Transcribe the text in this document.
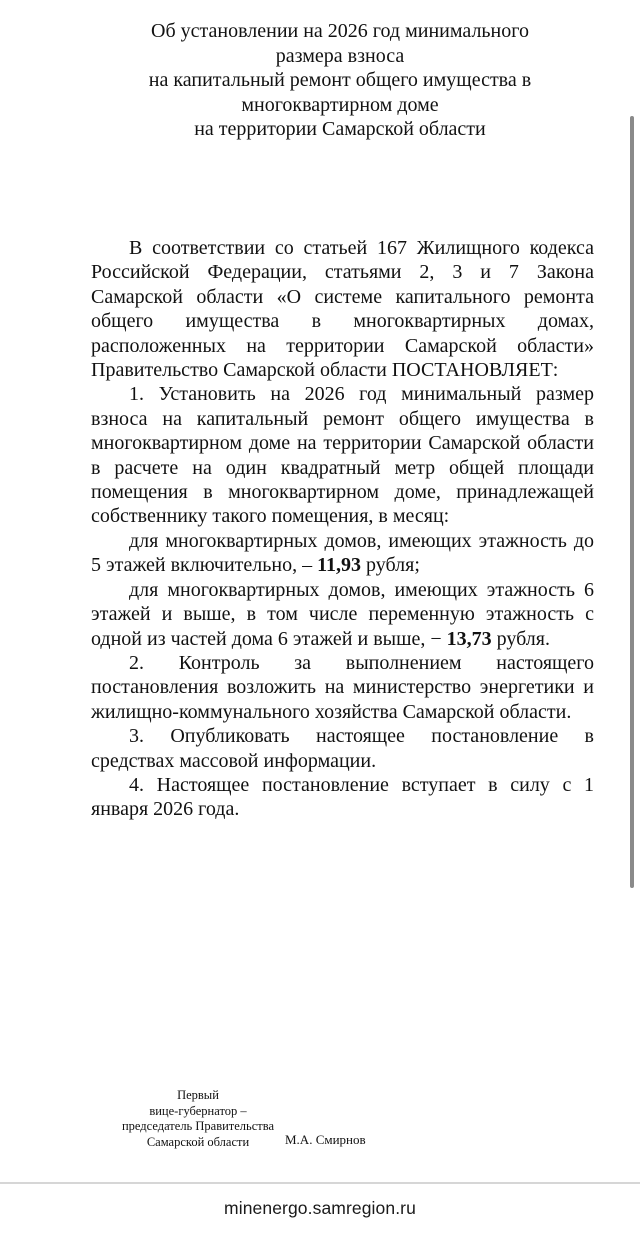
Об установлении на 2026 год минимального
размера взноса
на капитальный ремонт общего имущества в
многоквартирном доме
на территории Самарской области

В соответствии со статьей 167 Жилищного кодекса Российской Федерации, статьями 2, 3 и 7 Закона Самарской области «О системе капитального ремонта общего имущества в многоквартирных домах, расположенных на территории Самарской области» Правительство Самарской области ПОСТАНОВЛЯЕТ:

1. Установить на 2026 год минимальный размер взноса на капитальный ремонт общего имущества в многоквартирном доме на территории Самарской области в расчете на один квадратный метр общей площади помещения в многоквартирном доме, принадлежащей собственнику такого помещения, в месяц:

для многоквартирных домов, имеющих этажность до 5 этажей включительно, – 11,93 рубля;

для многоквартирных домов, имеющих этажность 6 этажей и выше, в том числе переменную этажность с одной из частей дома 6 этажей и выше, − 13,73 рубля.

2. Контроль за выполнением настоящего постановления возложить на министерство энергетики и жилищно-коммунального хозяйства Самарской области.

3. Опубликовать настоящее постановление в средствах массовой информации.

4. Настоящее постановление вступает в силу с 1 января 2026 года.

Первый
вице-губернатор –
председатель Правительства
Самарской области	М.А. Смирнов
minenergo.samregion.ru
